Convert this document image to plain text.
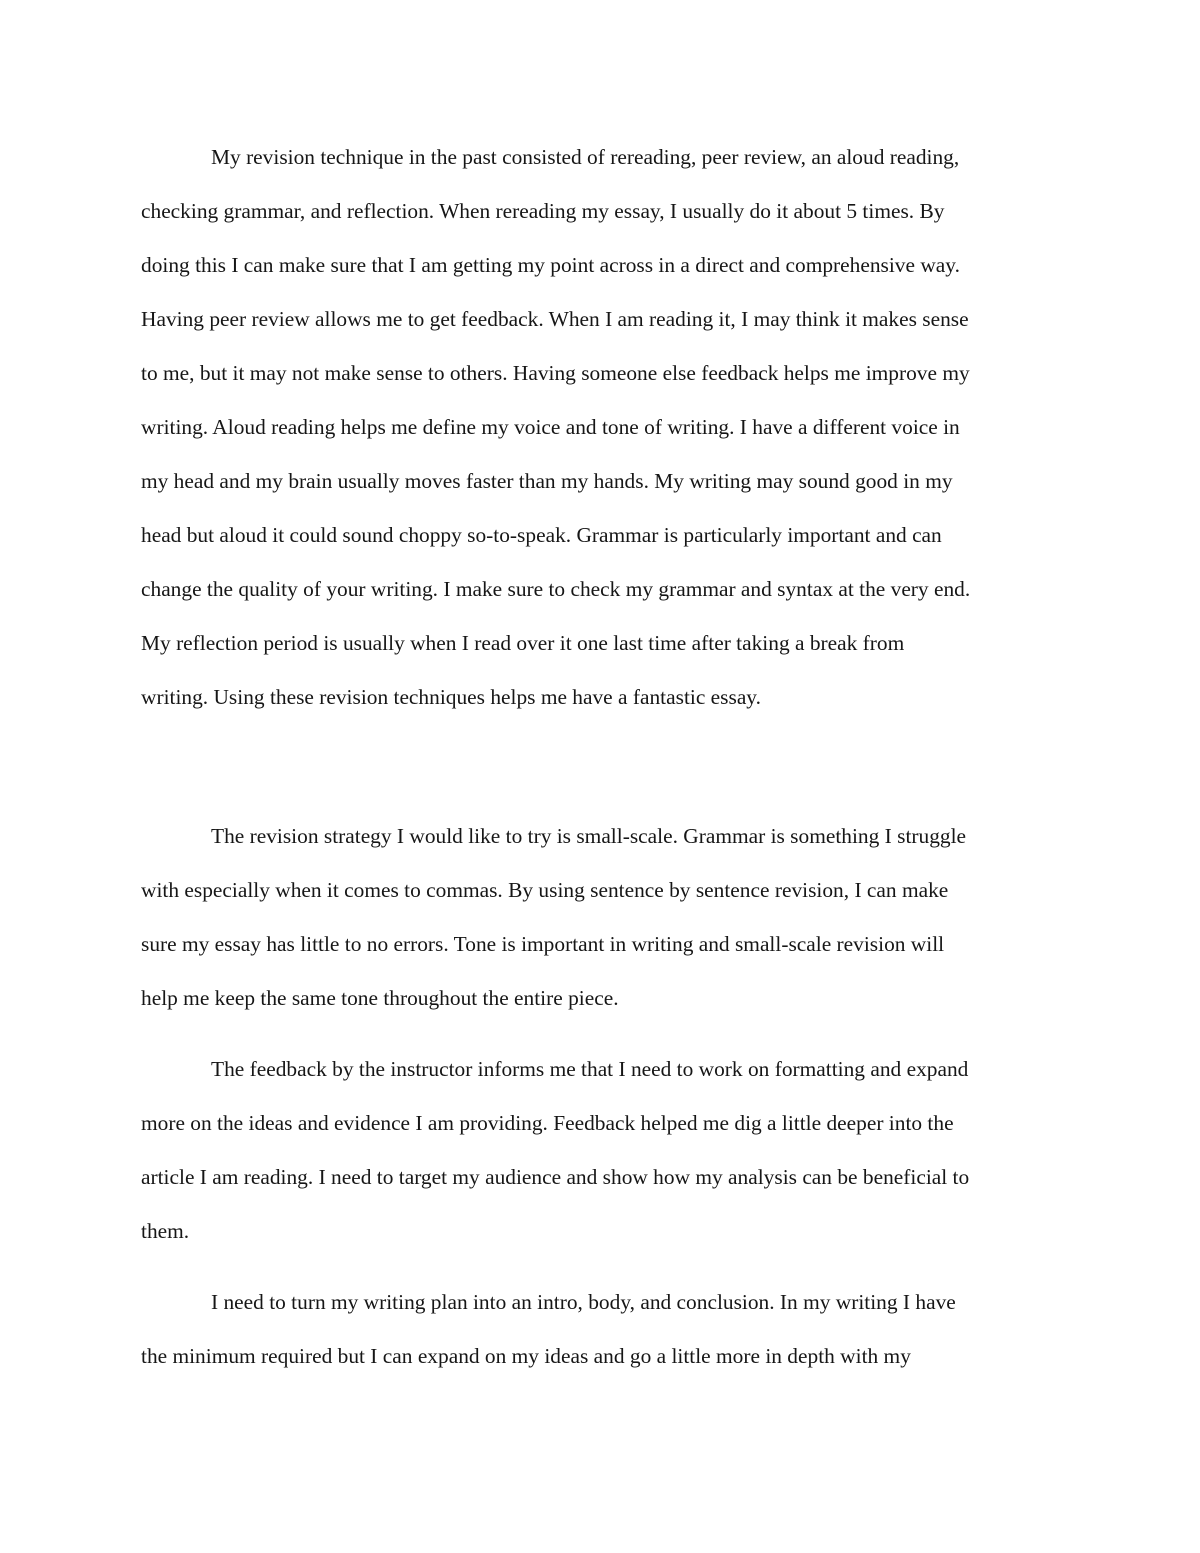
My revision technique in the past consisted of rereading, peer review, an aloud reading,

checking grammar, and reflection. When rereading my essay, I usually do it about 5 times. By

doing this I can make sure that I am getting my point across in a direct and comprehensive way.

Having peer review allows me to get feedback. When I am reading it, I may think it makes sense

to me, but it may not make sense to others. Having someone else feedback helps me improve my

writing. Aloud reading helps me define my voice and tone of writing. I have a different voice in

my head and my brain usually moves faster than my hands. My writing may sound good in my

head but aloud it could sound choppy so-to-speak. Grammar is particularly important and can

change the quality of your writing. I make sure to check my grammar and syntax at the very end.

My reflection period is usually when I read over it one last time after taking a break from

writing. Using these revision techniques helps me have a fantastic essay.

The revision strategy I would like to try is small-scale. Grammar is something I struggle

with especially when it comes to commas. By using sentence by sentence revision, I can make

sure my essay has little to no errors. Tone is important in writing and small-scale revision will

help me keep the same tone throughout the entire piece.

The feedback by the instructor informs me that I need to work on formatting and expand

more on the ideas and evidence I am providing. Feedback helped me dig a little deeper into the

article I am reading. I need to target my audience and show how my analysis can be beneficial to

them.

I need to turn my writing plan into an intro, body, and conclusion. In my writing I have

the minimum required but I can expand on my ideas and go a little more in depth with my
